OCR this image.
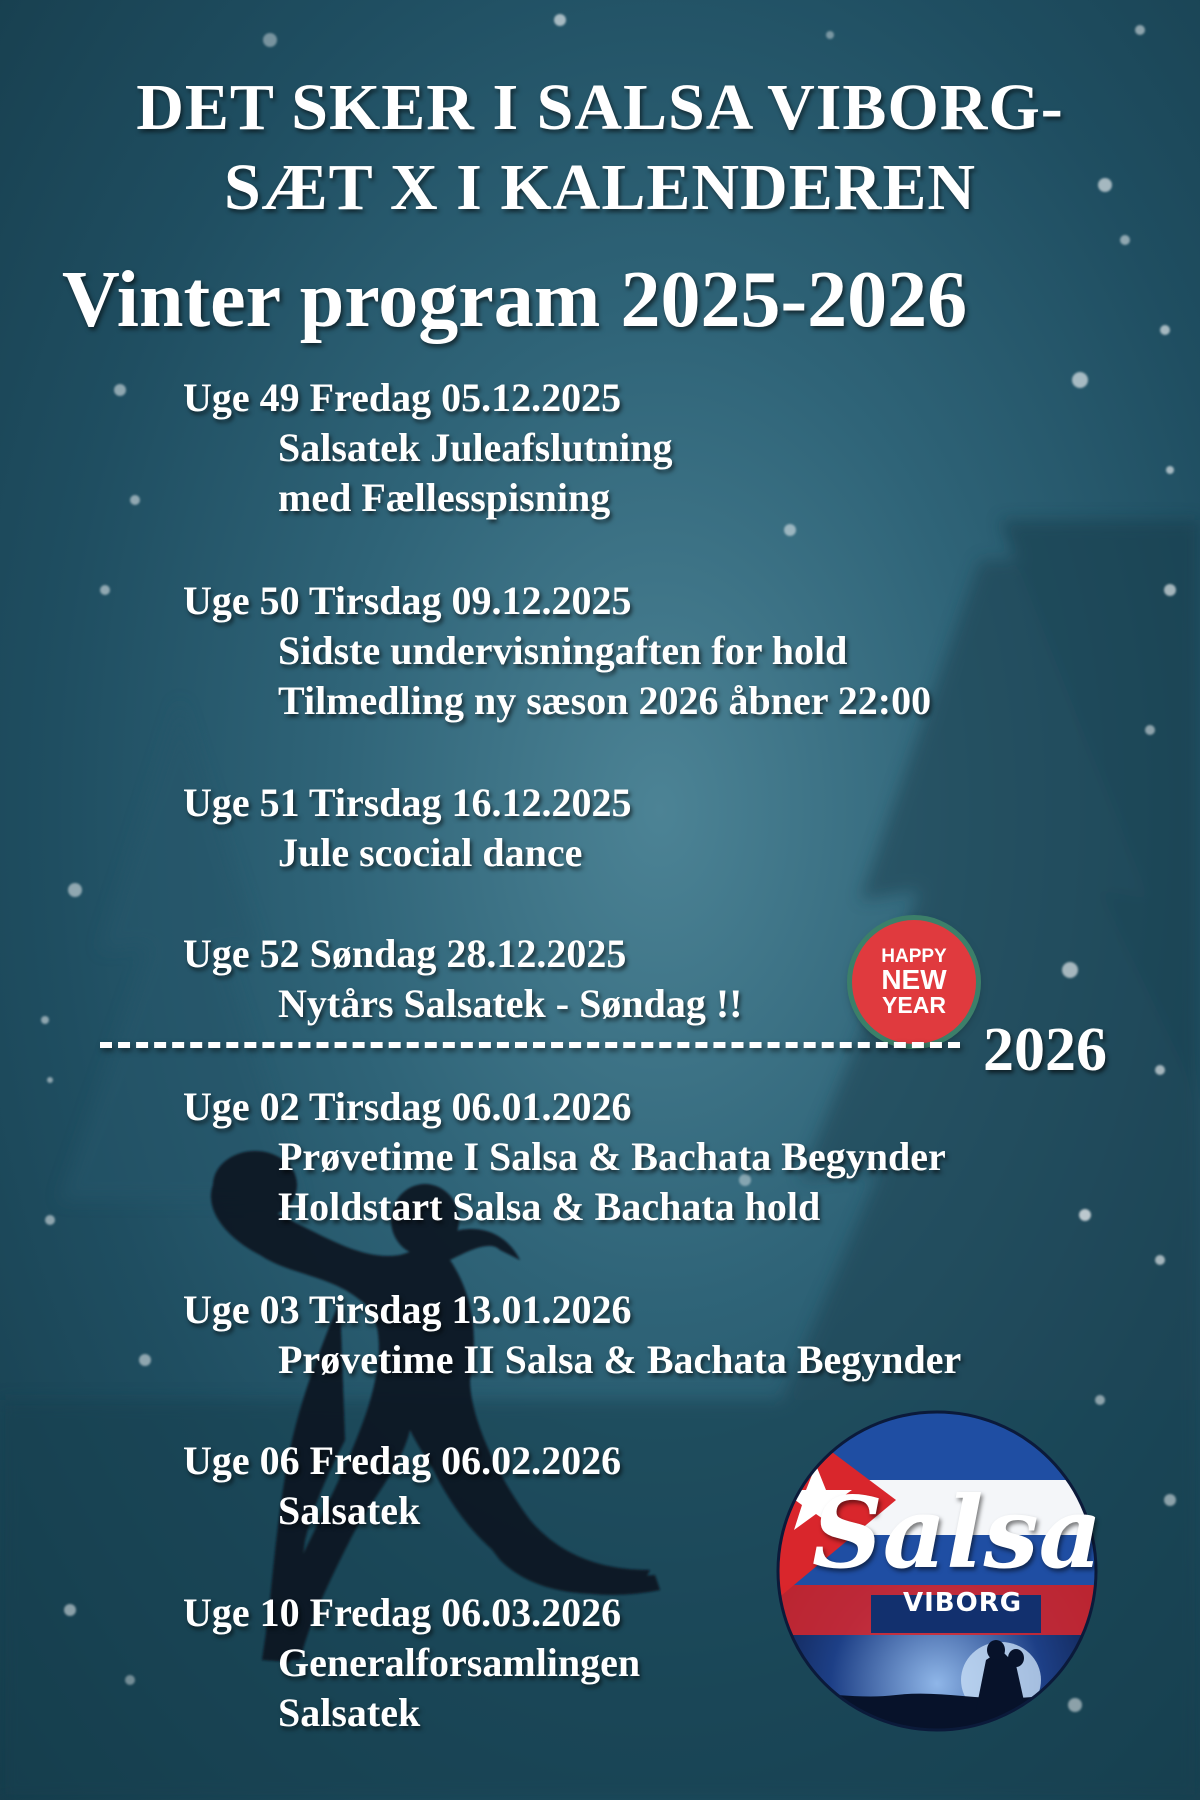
DET SKER I SALSA VIBORG-
SÆT X I KALENDEREN
Vinter program 2025-2026
Uge 49 Fredag 05.12.2025
Salsatek Juleafslutning
med Fællesspisning
Uge 50 Tirsdag 09.12.2025
Sidste undervisningaften for hold
Tilmedling ny sæson 2026 åbner 22:00
Uge 51 Tirsdag 16.12.2025
Jule scocial dance
Uge 52 Søndag 28.12.2025
Nytårs Salsatek - Søndag !!
HAPPY
NEW
YEAR
2026
Uge 02 Tirsdag 06.01.2026
Prøvetime I Salsa & Bachata Begynder
Holdstart Salsa & Bachata hold
Uge 03 Tirsdag 13.01.2026
Prøvetime II Salsa & Bachata Begynder
Uge 06 Fredag 06.02.2026
Salsatek
Uge 10 Fredag 06.03.2026
Generalforsamlingen
Salsatek
Salsa
VIBORG
